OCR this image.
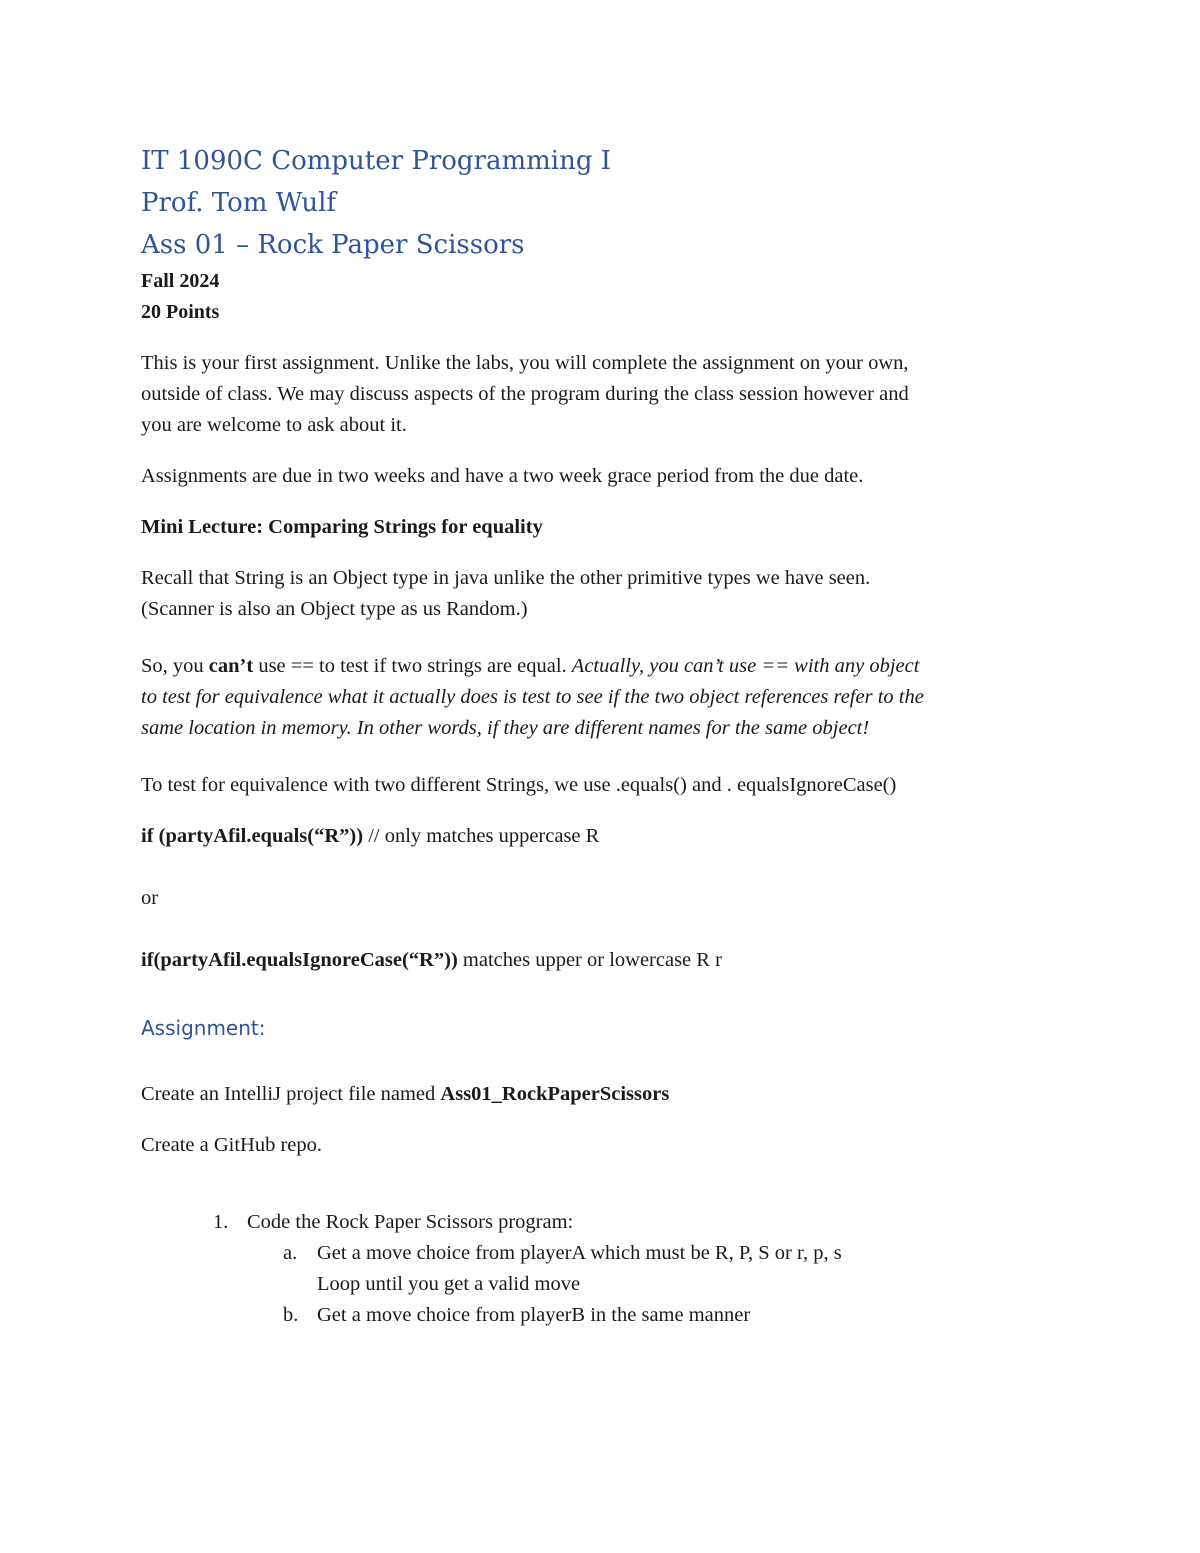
IT 1090C Computer Programming I

Prof. Tom Wulf

Ass 01 – Rock Paper Scissors

Fall 2024

20 Points

This is your first assignment. Unlike the labs, you will complete the assignment on your own,

outside of class. We may discuss aspects of the program during the class session however and

you are welcome to ask about it.

Assignments are due in two weeks and have a two week grace period from the due date.

Mini Lecture: Comparing Strings for equality

Recall that String is an Object type in java unlike the other primitive types we have seen.

(Scanner is also an Object type as us Random.)

So, you can’t use == to test if two strings are equal. Actually, you can’t use == with any object

to test for equivalence what it actually does is test to see if the two object references refer to the

same location in memory. In other words, if they are different names for the same object!

To test for equivalence with two different Strings, we use .equals() and . equalsIgnoreCase()

if (partyAfil.equals(“R”)) // only matches uppercase R

or

if(partyAfil.equalsIgnoreCase(“R”)) matches upper or lowercase R r

Assignment:

Create an IntelliJ project file named Ass01_RockPaperScissors

Create a GitHub repo.

1. Code the Rock Paper Scissors program:

a. Get a move choice from playerA which must be R, P, S or r, p, s

Loop until you get a valid move

b. Get a move choice from playerB in the same manner
